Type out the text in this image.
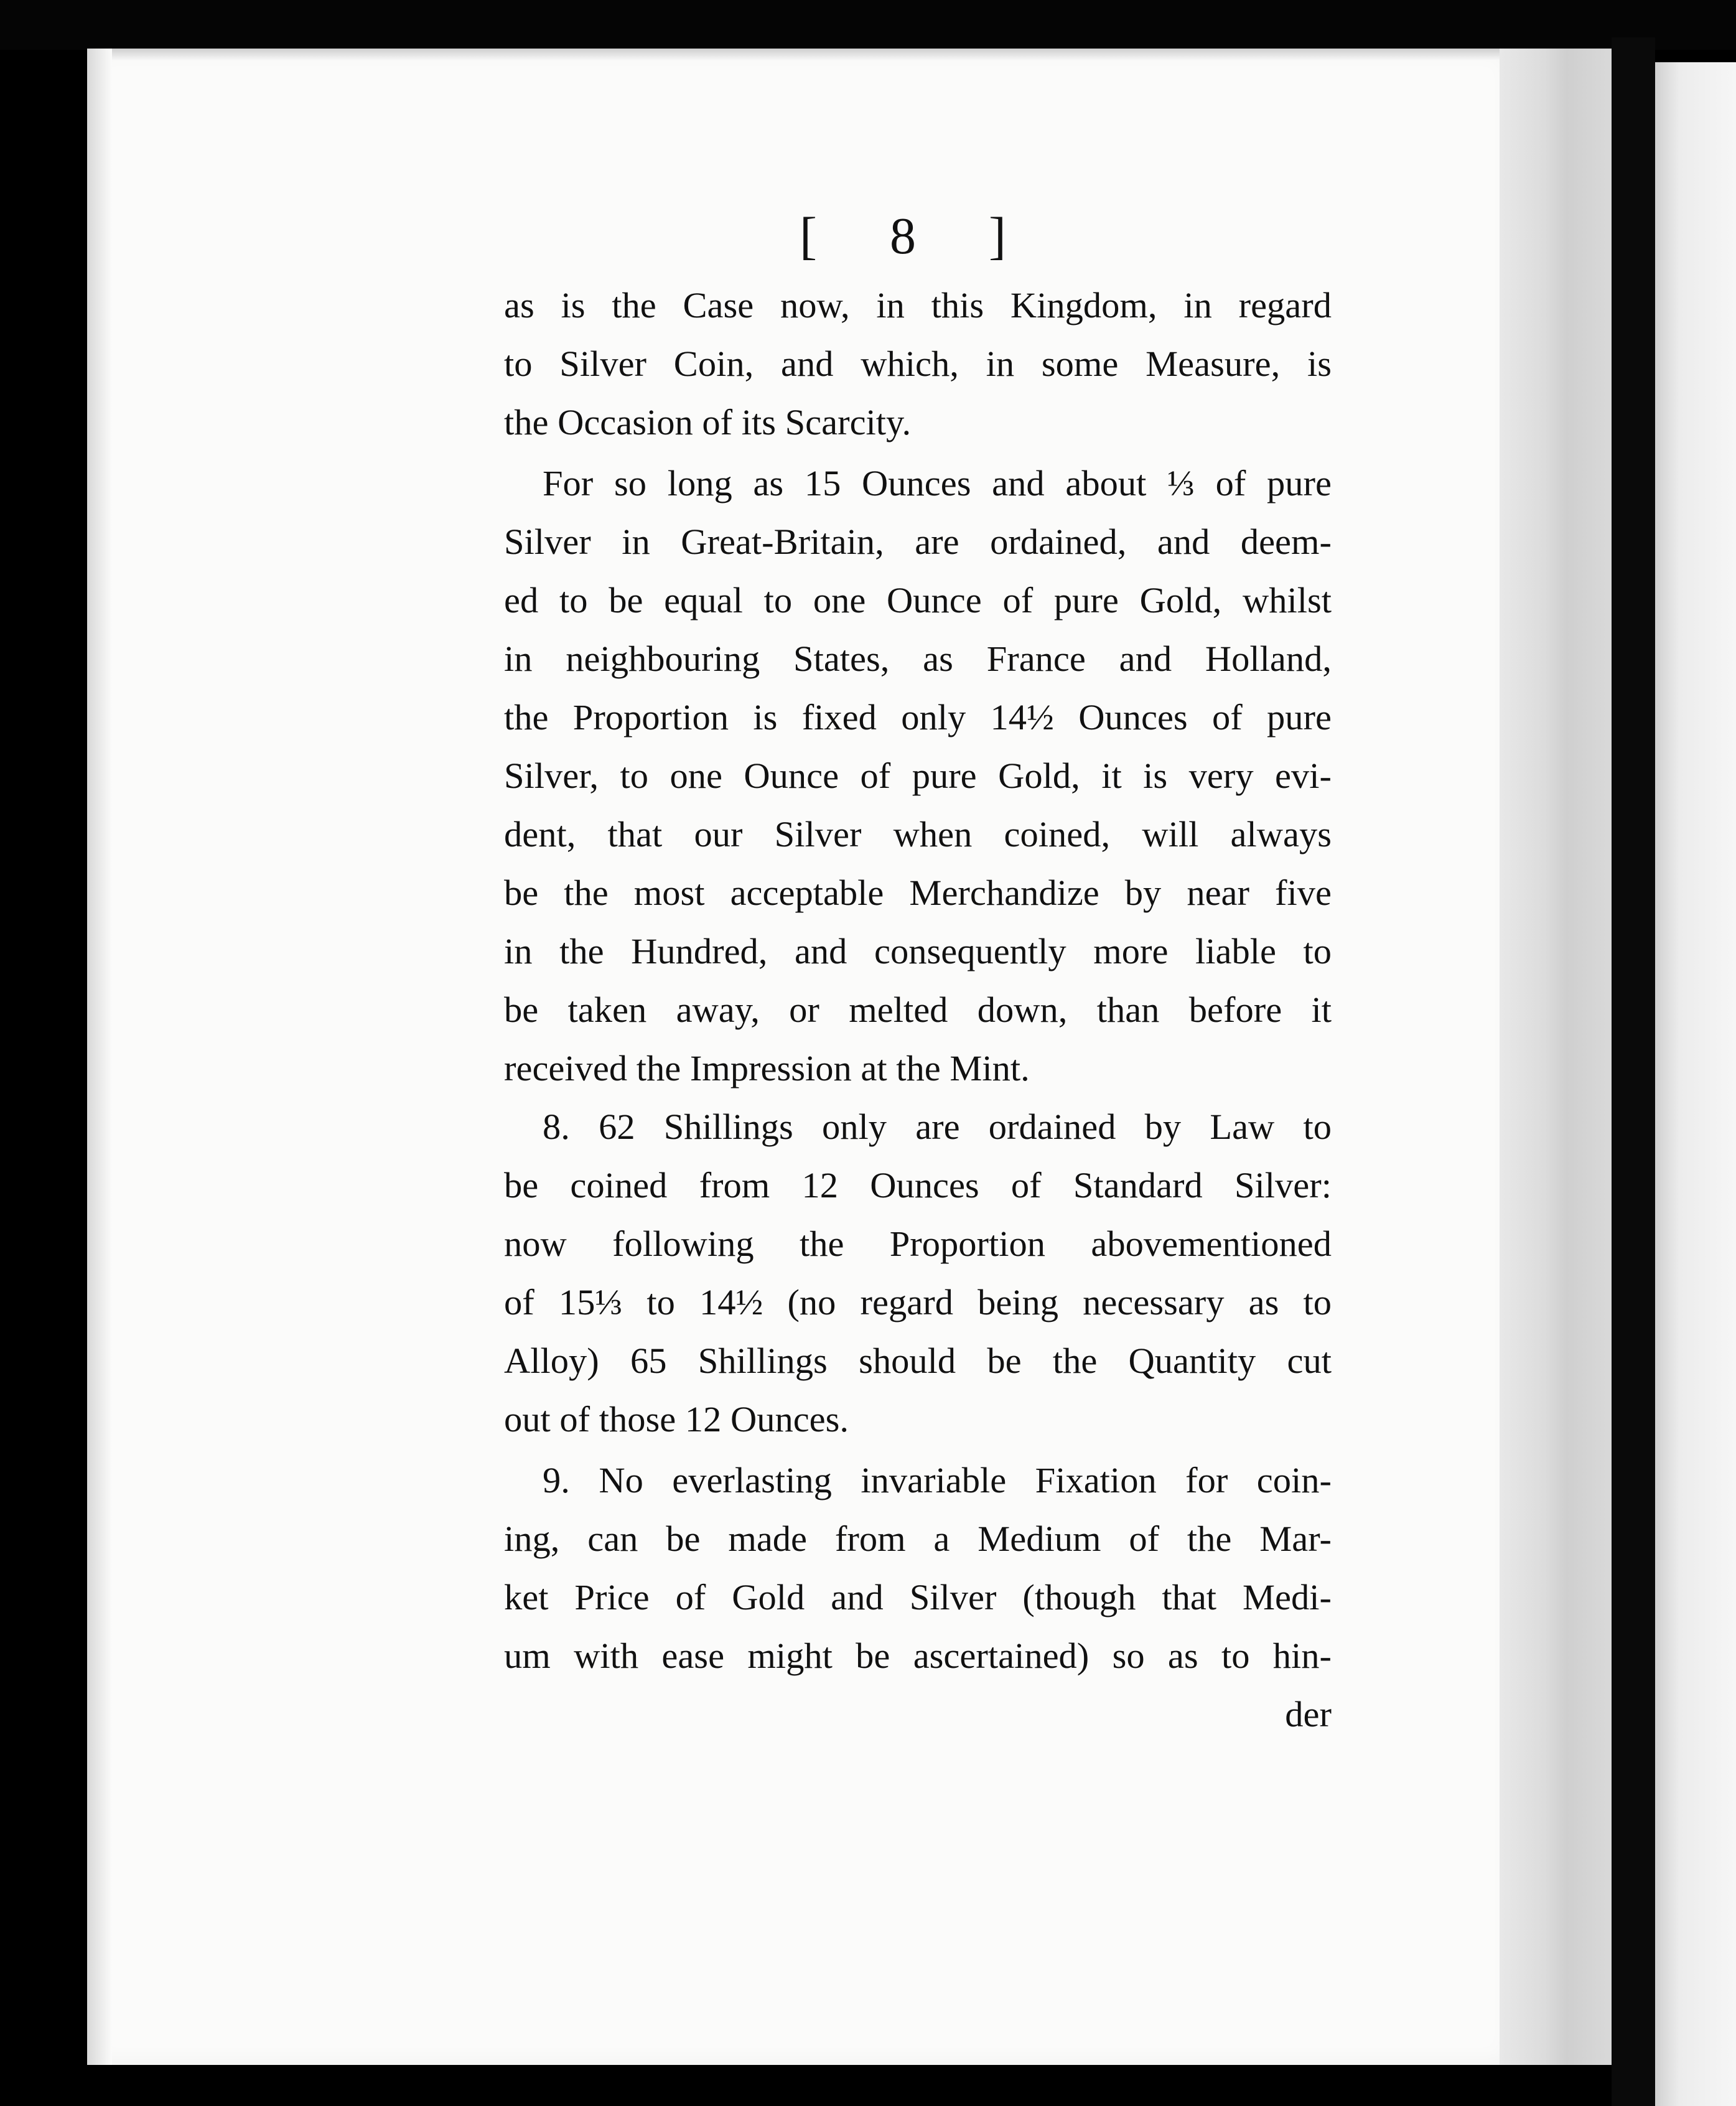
[ 8 ]
as is the Case now, in this Kingdom, in regard
to Silver Coin, and which, in some Measure, is
the Occasion of its Scarcity.
For so long as 15 Ounces and about ⅓ of pure
Silver in Great-Britain, are ordained, and deem-
ed to be equal to one Ounce of pure Gold, whilst
in neighbouring States, as France and Holland,
the Proportion is fixed only 14½ Ounces of pure
Silver, to one Ounce of pure Gold, it is very evi-
dent, that our Silver when coined, will always
be the most acceptable Merchandize by near five
in the Hundred, and consequently more liable to
be taken away, or melted down, than before it
received the Impression at the Mint.
8. 62 Shillings only are ordained by Law to
be coined from 12 Ounces of Standard Silver:
now following the Proportion abovementioned
of 15⅓ to 14½ (no regard being necessary as to
Alloy) 65 Shillings should be the Quantity cut
out of those 12 Ounces.
9. No everlasting invariable Fixation for coin-
ing, can be made from a Medium of the Mar-
ket Price of Gold and Silver (though that Medi-
um with ease might be ascertained) so as to hin-
der
